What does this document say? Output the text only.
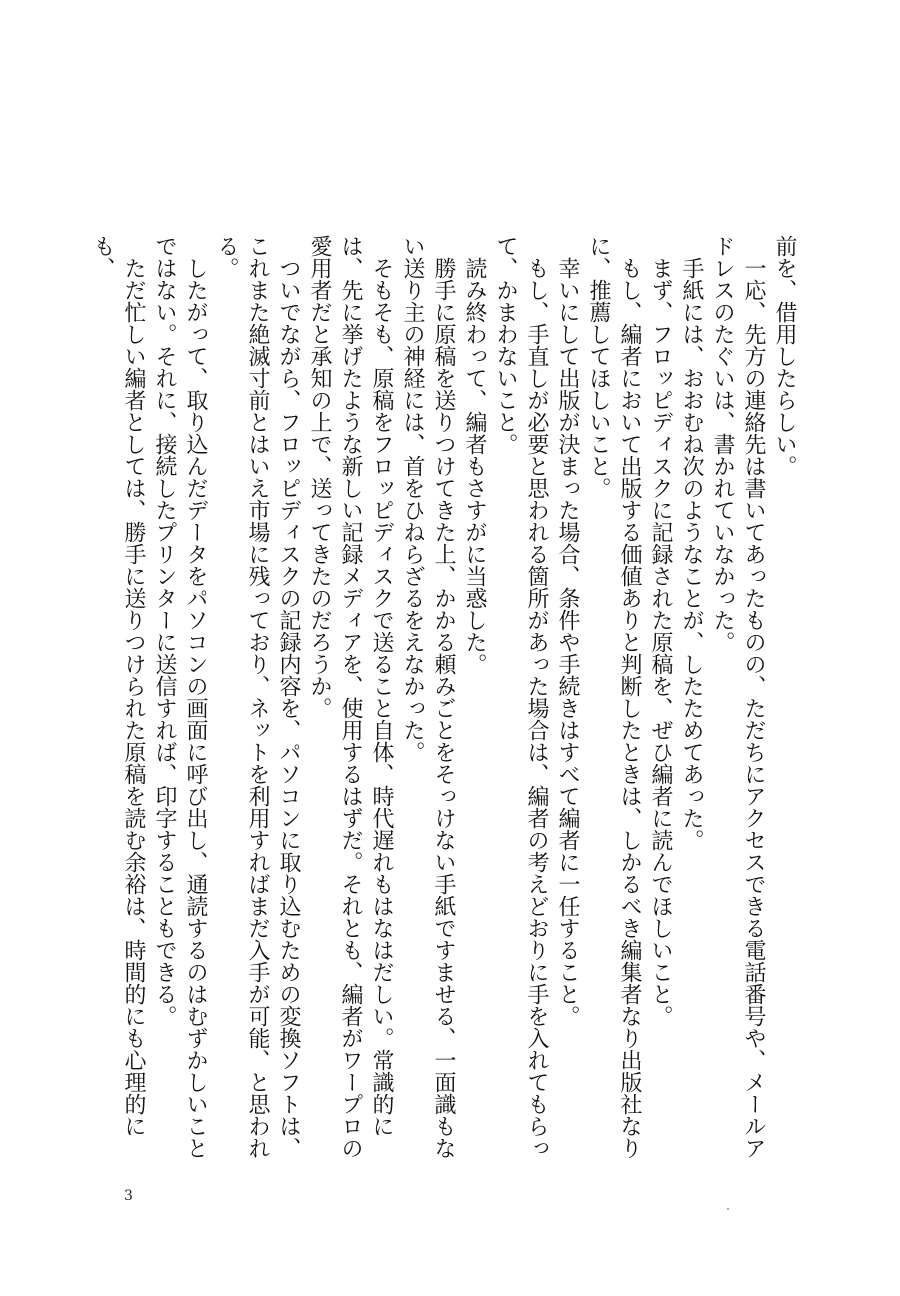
前を、借用したらしい。

一応、先方の連絡先は書いてあったものの、ただちにアクセスできる電話番号や、メールアドレスのたぐいは、書かれていなかった。

手紙には、おおむね次のようなことが、したためてあった。

まず、フロッピディスクに記録された原稿を、ぜひ編者に読んでほしいこと。

もし、編者において出版する価値ありと判断したときは、しかるべき編集者なり出版社なりに、推薦してほしいこと。

幸いにして出版が決まった場合、条件や手続きはすべて編者に一任すること。

もし、手直しが必要と思われる箇所があった場合は、編者の考えどおりに手を入れてもらって、かまわないこと。

読み終わって、編者もさすがに当惑した。

勝手に原稿を送りつけてきた上、かかる頼みごとをそっけない手紙ですませる、一面識もない送り主の神経には、首をひねらざるをえなかった。

そもそも、原稿をフロッピディスクで送ること自体、時代遅れもはなはだしい。常識的には、先に挙げたような新しい記録メディアを、使用するはずだ。それとも、編者がワープロの愛用者だと承知の上で、送ってきたのだろうか。

ついでながら、フロッピディスクの記録内容を、パソコンに取り込むための変換ソフトは、これまた絶滅寸前とはいえ市場に残っており、ネットを利用すればまだ入手が可能、と思われる。

したがって、取り込んだデータをパソコンの画面に呼び出し、通読するのはむずかしいことではない。それに、接続したプリンターに送信すれば、印字することもできる。

ただ忙しい編者としては、勝手に送りつけられた原稿を読む余裕は、時間的にも心理的にも、

3
